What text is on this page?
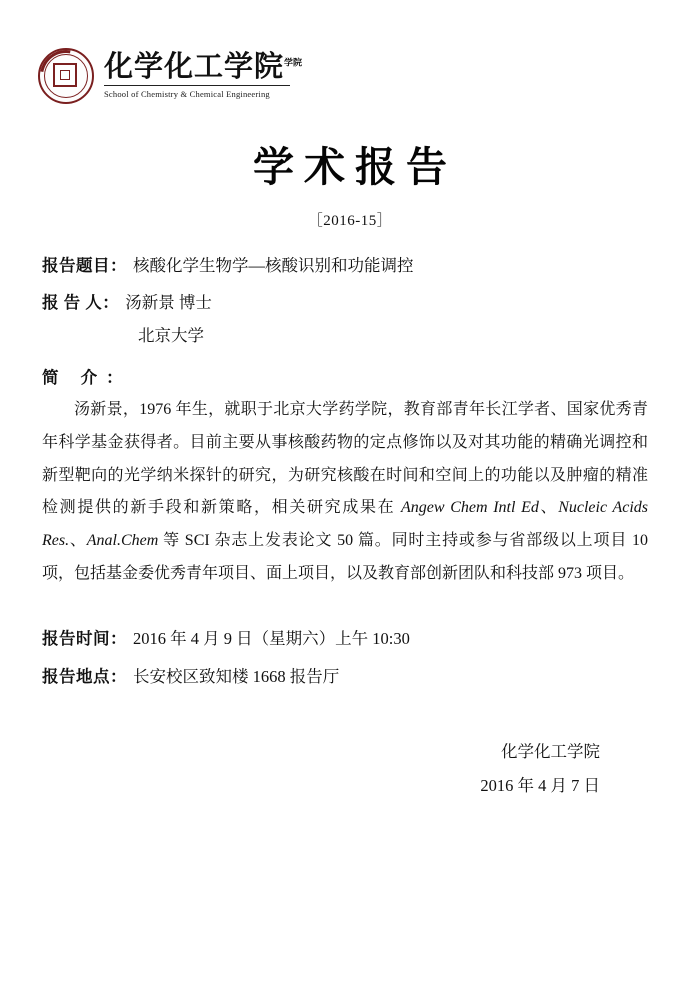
化学化工学院$^{学院}$
School of Chemistry & Chemical Engineering
学术报告
［2016-15］
报告题目： 核酸化学生物学—核酸识别和功能调控
报 告 人： 汤新景 博士
北京大学
简 介：

汤新景，1976 年生，就职于北京大学药学院，教育部青年长江学者、国家优秀青年科学基金获得者。目前主要从事核酸药物的定点修饰以及对其功能的精确光调控和新型靶向的光学纳米探针的研究，为研究核酸在时间和空间上的功能以及肿瘤的精准检测提供的新手段和新策略，相关研究成果在 Angew Chem Intl Ed、Nucleic Acids Res.、Anal.Chem 等 SCI 杂志上发表论文 50 篇。同时主持或参与省部级以上项目 10 项，包括基金委优秀青年项目、面上项目，以及教育部创新团队和科技部 973 项目。

报告时间： 2016 年 4 月 9 日（星期六）上午 10:30
报告地点： 长安校区致知楼 1668 报告厅
化学化工学院
2016 年 4 月 7 日
